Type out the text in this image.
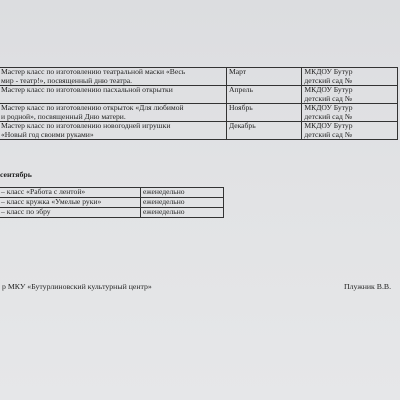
Мастер класс по изготовлению театральной маски «Весь
мир - театр!», посвященный дню театра.	Март	МКДОУ Бутур
детский сад №
Мастер класс по изготовлению пасхальной открытки	Апрель	МКДОУ Бутур
детский сад №
Мастер класс по изготовлению открыток «Для любимой
и родной», посвященный Дню матери.	Ноябрь	МКДОУ Бутур
детский сад №
Мастер класс по изготовлению новогодней игрушки
«Новый год своими руками»	Декабрь	МКДОУ Бутур
детский сад №
сентябрь
– класс «Работа с лентой»	еженедельно
– класс кружка «Умелые руки»	еженедельно
– класс по эбру	еженедельно
р МКУ «Бутурлиновский культурный центр»	Плужник В.В.
